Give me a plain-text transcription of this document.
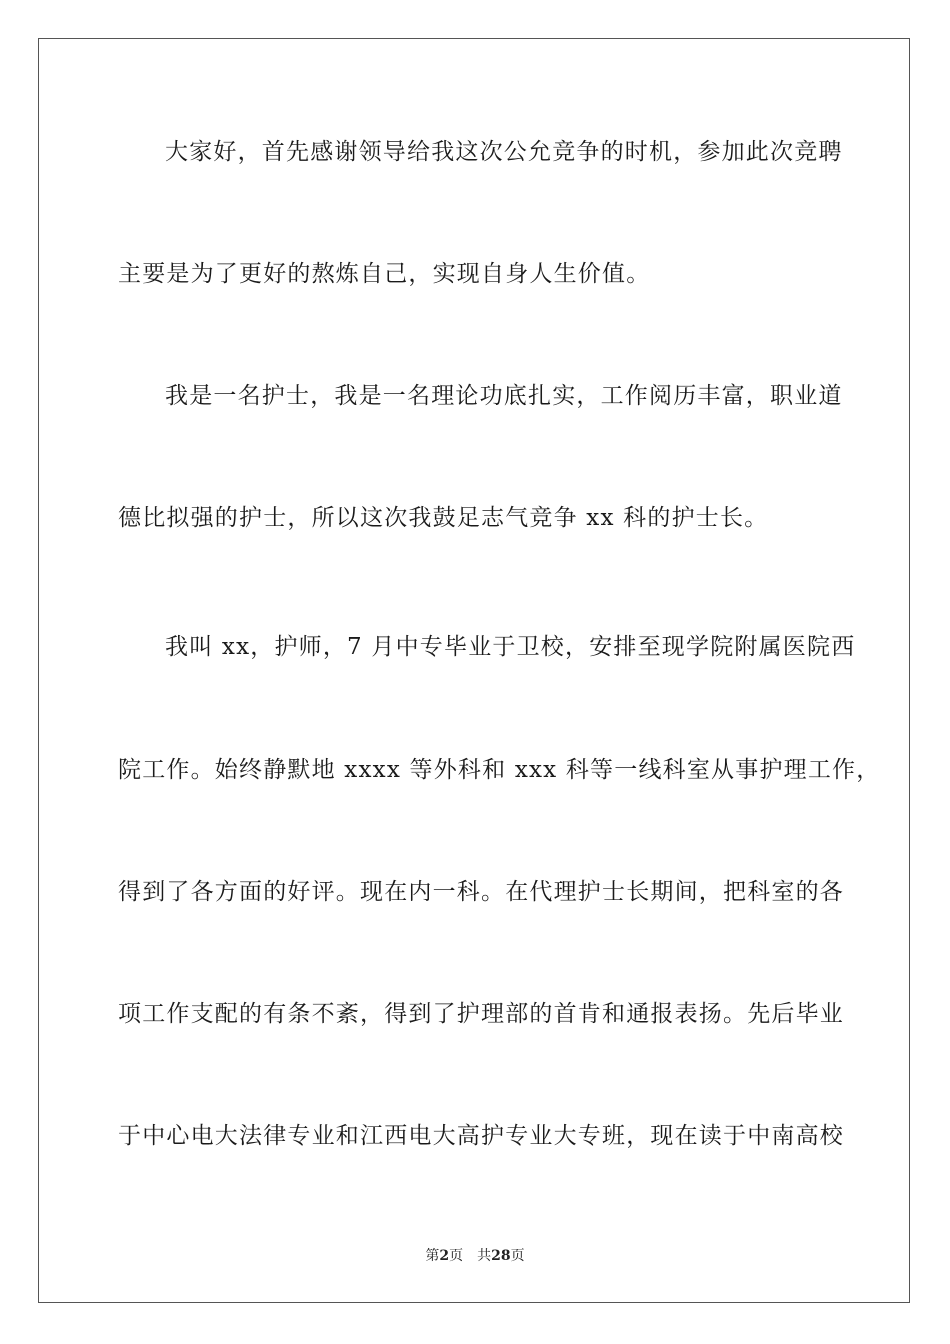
大家好，首先感谢领导给我这次公允竞争的时机，参加此次竞聘
主要是为了更好的熬炼自己，实现自身人生价值。
我是一名护士，我是一名理论功底扎实，工作阅历丰富，职业道
德比拟强的护士，所以这次我鼓足志气竞争 xx 科的护士长。
我叫 xx，护师，7 月中专毕业于卫校，安排至现学院附属医院西
院工作。始终静默地 xxxx 等外科和 xxx 科等一线科室从事护理工作，
得到了各方面的好评。现在内一科。在代理护士长期间，把科室的各
项工作支配的有条不紊，得到了护理部的首肯和通报表扬。先后毕业
于中心电大法律专业和江西电大高护专业大专班，现在读于中南高校
第2页 共28页
